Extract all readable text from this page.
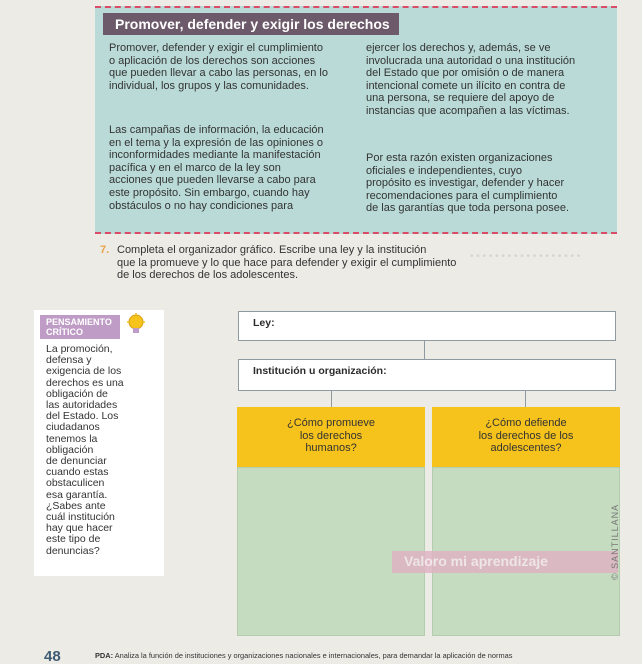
• • • • • • • • • • • • • • • • • •
Promover, defender y exigir los derechos
Promover, defender y exigir el cumplimiento
o aplicación de los derechos son acciones
que pueden llevar a cabo las personas, en lo
individual, los grupos y las comunidades.
Las campañas de información, la educación
en el tema y la expresión de las opiniones o
inconformidades mediante la manifestación
pacífica y en el marco de la ley son
acciones que pueden llevarse a cabo para
este propósito. Sin embargo, cuando hay
obstáculos o no hay condiciones para
ejercer los derechos y, además, se ve
involucrada una autoridad o una institución
del Estado que por omisión o de manera
intencional comete un ilícito en contra de
una persona, se requiere del apoyo de
instancias que acompañen a las víctimas.
Por esta razón existen organizaciones
oficiales e independientes, cuyo
propósito es investigar, defender y hacer
recomendaciones para el cumplimiento
de las garantías que toda persona posee.
7. Completa el organizador gráfico. Escribe una ley y la institución
que la promueve y lo que hace para defender y exigir el cumplimiento
de los derechos de los adolescentes.
PENSAMIENTO
CRÍTICO
La promoción,
defensa y
exigencia de los
derechos es una
obligación de
las autoridades
del Estado. Los
ciudadanos
tenemos la
obligación
de denunciar
cuando estas
obstaculicen
esa garantía.
¿Sabes ante
cuál institución
hay que hacer
este tipo de
denuncias?
Ley:
Institución u organización:
¿Cómo promueve
los derechos
humanos?
¿Cómo defiende
los derechos de los
adolescentes?
Valoro mi aprendizaje	© SANTILLANA
48	PDA: Analiza la función de instituciones y organizaciones nacionales e internacionales, para demandar la aplicación de normas
